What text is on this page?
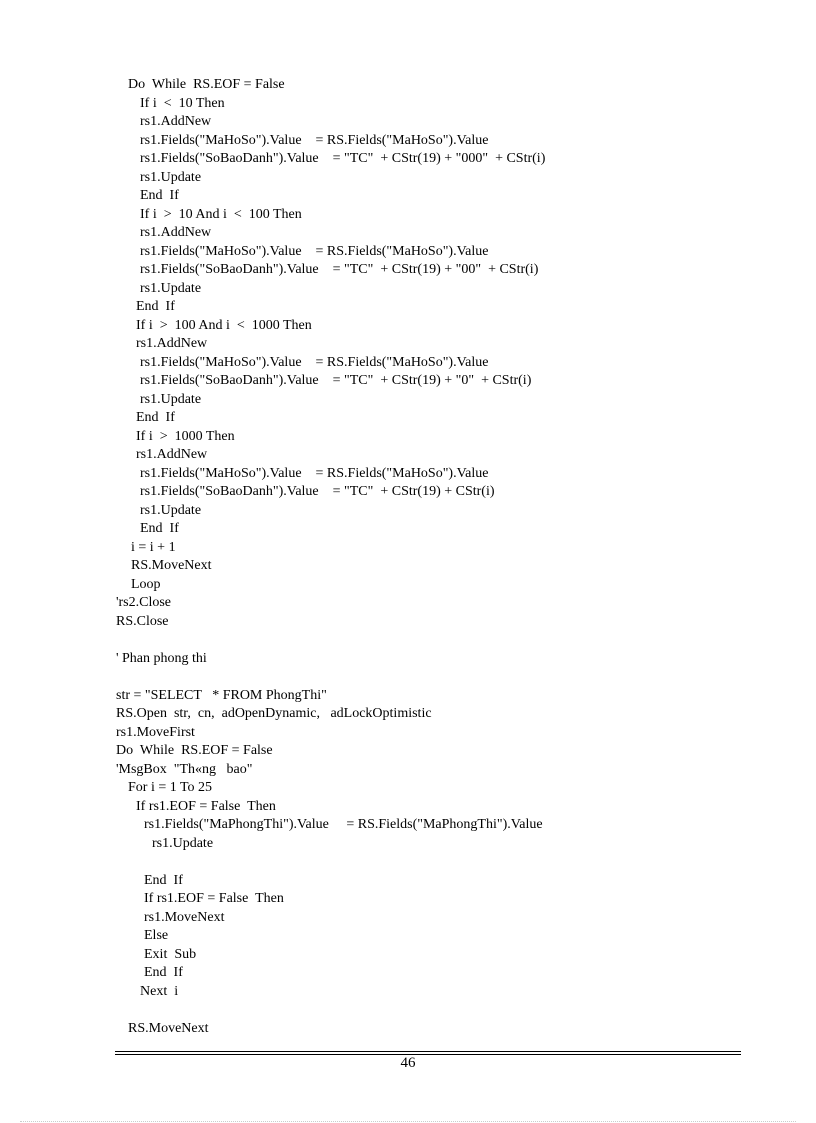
Do  While  RS.EOF = False
If i  <  10 Then
rs1.AddNew
rs1.Fields("MaHoSo").Value    = RS.Fields("MaHoSo").Value
rs1.Fields("SoBaoDanh").Value    = "TC"  + CStr(19) + "000"  + CStr(i)
rs1.Update
End  If
If i  >  10 And i  <  100 Then
rs1.AddNew
rs1.Fields("MaHoSo").Value    = RS.Fields("MaHoSo").Value
rs1.Fields("SoBaoDanh").Value    = "TC"  + CStr(19) + "00"  + CStr(i)
rs1.Update
End  If
If i  >  100 And i  <  1000 Then
rs1.AddNew
rs1.Fields("MaHoSo").Value    = RS.Fields("MaHoSo").Value
rs1.Fields("SoBaoDanh").Value    = "TC"  + CStr(19) + "0"  + CStr(i)
rs1.Update
End  If
If i  >  1000 Then
rs1.AddNew
rs1.Fields("MaHoSo").Value    = RS.Fields("MaHoSo").Value
rs1.Fields("SoBaoDanh").Value    = "TC"  + CStr(19) + CStr(i)
rs1.Update
End  If
i = i + 1
RS.MoveNext
Loop
'rs2.Close
RS.Close
' Phan phong thi
str = "SELECT   * FROM PhongThi"
RS.Open  str,  cn,  adOpenDynamic,   adLockOptimistic
rs1.MoveFirst
Do  While  RS.EOF = False
'MsgBox  "Th«ng   bao"
For i = 1 To 25
If rs1.EOF = False  Then
rs1.Fields("MaPhongThi").Value     = RS.Fields("MaPhongThi").Value
rs1.Update
End  If
If rs1.EOF = False  Then
rs1.MoveNext
Else
Exit  Sub
End  If
Next  i
RS.MoveNext
46
